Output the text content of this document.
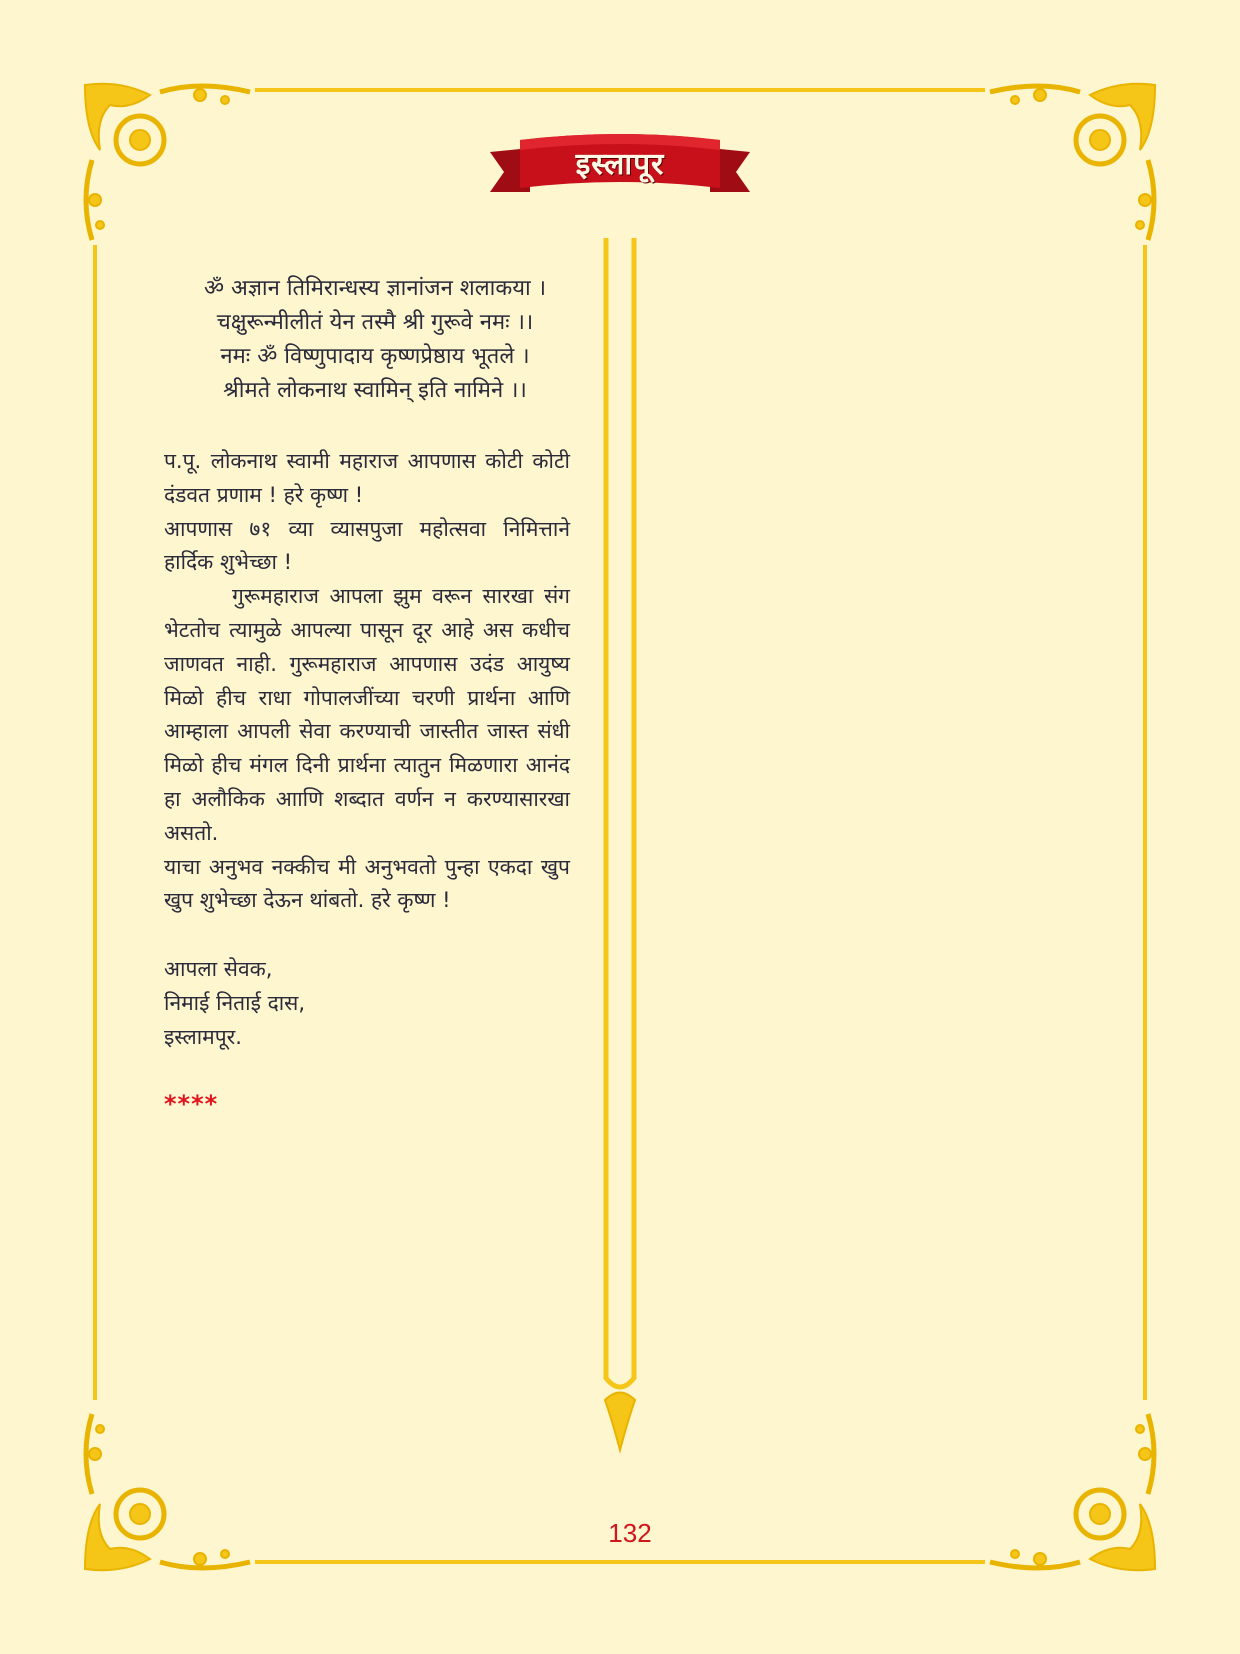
इस्लापूर
ॐ अज्ञान तिमिरान्धस्य ज्ञानांजन शलाकया ।
चक्षुरून्मीलीतं येन तस्मै श्री गुरूवे नमः ।।
नमः ॐ विष्णुपादाय कृष्णप्रेष्ठाय भूतले ।
श्रीमते लोकनाथ स्वामिन् इति नामिने ।।

प.पू. लोकनाथ स्वामी महाराज आपणास कोटी कोटी दंडवत प्रणाम ! हरे कृष्ण !

आपणास ७१ व्या व्यासपुजा महोत्सवा निमित्ताने हार्दिक शुभेच्छा !

गुरूमहाराज आपला झुम वरून सारखा संग भेटतोच त्यामुळे आपल्या पासून दूर आहे अस कधीच जाणवत नाही. गुरूमहाराज आपणास उदंड आयुष्य मिळो हीच राधा गोपालजींच्या चरणी प्रार्थना आणि आम्हाला आपली सेवा करण्याची जास्तीत जास्त संधी मिळो हीच मंगल दिनी प्रार्थना त्यातुन मिळणारा आनंद हा अलौकिक आाणि शब्दात वर्णन न करण्यासारखा असतो.

याचा अनुभव नक्कीच मी अनुभवतो पुन्हा एकदा खुप खुप शुभेच्छा देऊन थांबतो. हरे कृष्ण !

आपला सेवक,
निमाई निताई दास,
इस्लामपूर.
****
132
